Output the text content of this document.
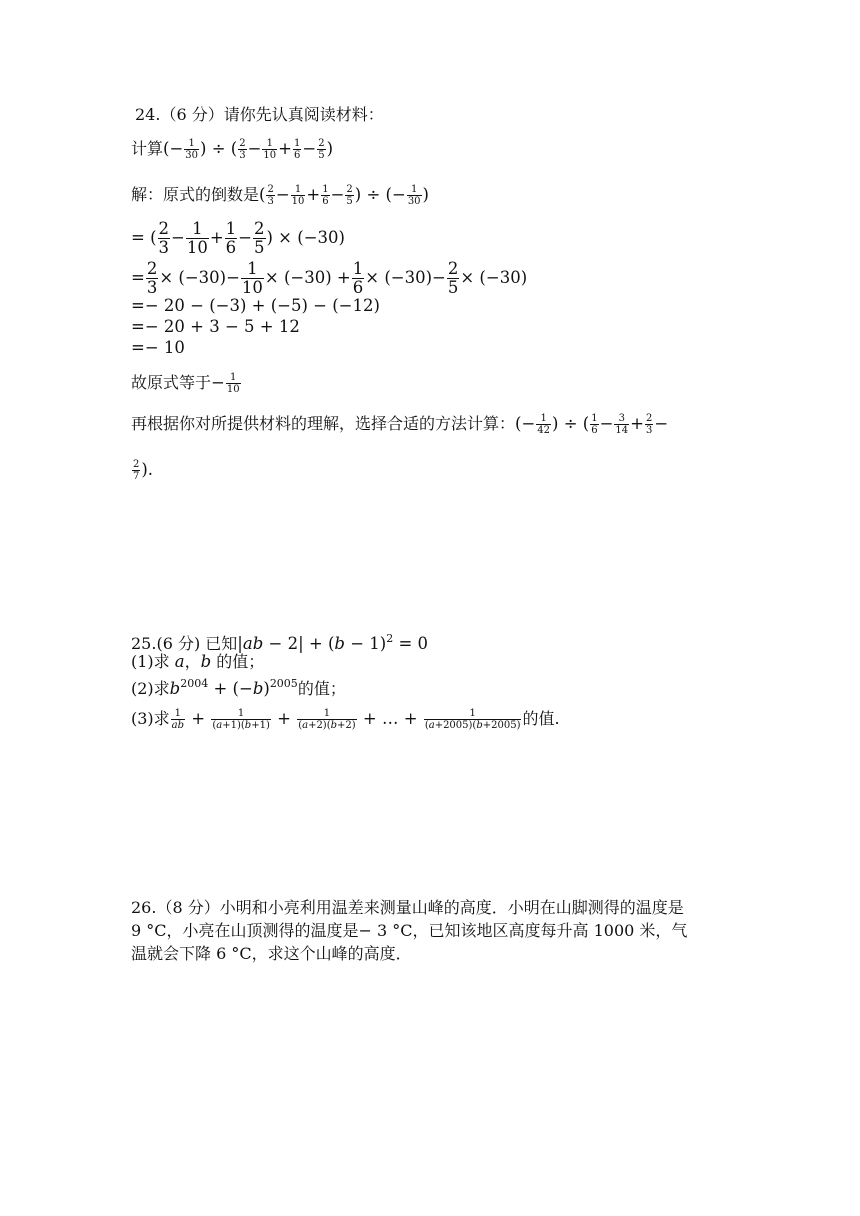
24.（6 分）请你先认真阅读材料：
计算(− $\frac{1}{30}$ ) ÷ ( $\frac{2}{3} - \frac{1}{10} + \frac{1}{6} - \frac{2}{5}$ )
解：原式的倒数是( $\frac{2}{3} - \frac{1}{10} + \frac{1}{6} - \frac{2}{5}$ ) ÷ (− $\frac{1}{30}$ )
= ( $\frac{2}{3} - \frac{1}{10} + \frac{1}{6} - \frac{2}{5}$ ) × (−30)
= $\frac{2}{3} \times (-30)- \frac{1}{10} \times (-30) + \frac{1}{6} \times (-30)- \frac{2}{5} \times (-30)$
=− 20 − (−3) + (−5) − (−12)
=− 20 + 3 − 5 + 12
=− 10
故原式等于− $\frac{1}{10}$
再根据你对所提供材料的理解，选择合适的方法计算：(− $\frac{1}{42}$ ) ÷ ( $\frac{1}{6} - \frac{3}{14} + \frac{2}{3}$ −
$\frac{2}{7}$ ).
25.(6 分) 已知$|ab - 2| + (b - 1)^2 = 0$
(1)求 a，b 的值；
(2)求$b^{2004} + (-b)^{2005}$的值；
(3)求 $\frac{1}{ab} + \frac{1}{(a+1)(b+1)} + \frac{1}{(a+2)(b+2)}$ + … + $\frac{1}{(a+2005)(b+2005)}$ 的值.
26.（8 分）小明和小亮利用温差来测量山峰的高度．小明在山脚测得的温度是
9 °C，小亮在山顶测得的温度是− 3 °C，已知该地区高度每升高 1000 米，气
温就会下降 6 °C，求这个山峰的高度．
